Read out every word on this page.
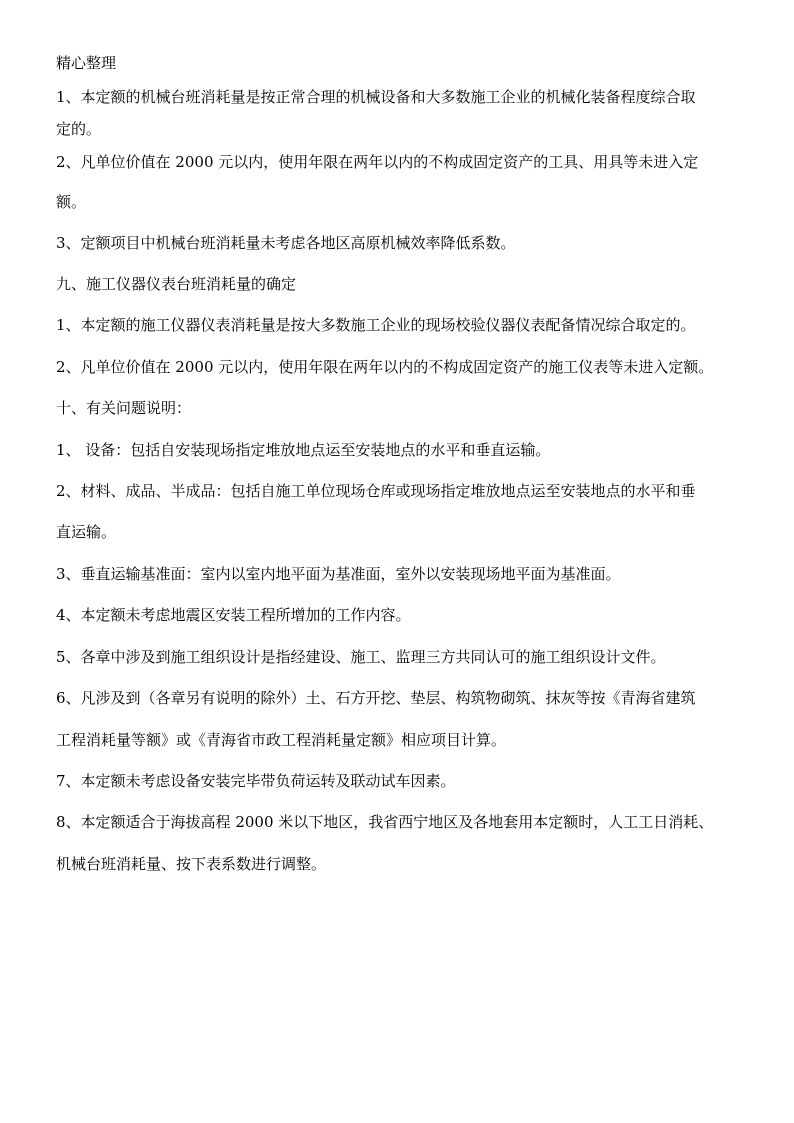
精心整理

1、本定额的机械台班消耗量是按正常合理的机械设备和大多数施工企业的机械化装备程度综合取

定的。

2、凡单位价值在 2000 元以内，使用年限在两年以内的不构成固定资产的工具、用具等未进入定

额。

3、定额项目中机械台班消耗量未考虑各地区高原机械效率降低系数。

九、施工仪器仪表台班消耗量的确定

1、本定额的施工仪器仪表消耗量是按大多数施工企业的现场校验仪器仪表配备情况综合取定的。

2、凡单位价值在 2000 元以内，使用年限在两年以内的不构成固定资产的施工仪表等未进入定额。

十、有关问题说明：

1、 设备：包括自安装现场指定堆放地点运至安装地点的水平和垂直运输。

2、材料、成品、半成品：包括自施工单位现场仓库或现场指定堆放地点运至安装地点的水平和垂

直运输。

3、垂直运输基准面：室内以室内地平面为基准面，室外以安装现场地平面为基准面。

4、本定额未考虑地震区安装工程所增加的工作内容。

5、各章中涉及到施工组织设计是指经建设、施工、监理三方共同认可的施工组织设计文件。

6、凡涉及到（各章另有说明的除外）土、石方开挖、垫层、构筑物砌筑、抹灰等按《青海省建筑

工程消耗量等额》或《青海省市政工程消耗量定额》相应项目计算。

7、本定额未考虑设备安装完毕带负荷运转及联动试车因素。

8、本定额适合于海拔高程 2000 米以下地区，我省西宁地区及各地套用本定额时，人工工日消耗、

机械台班消耗量、按下表系数进行调整。
